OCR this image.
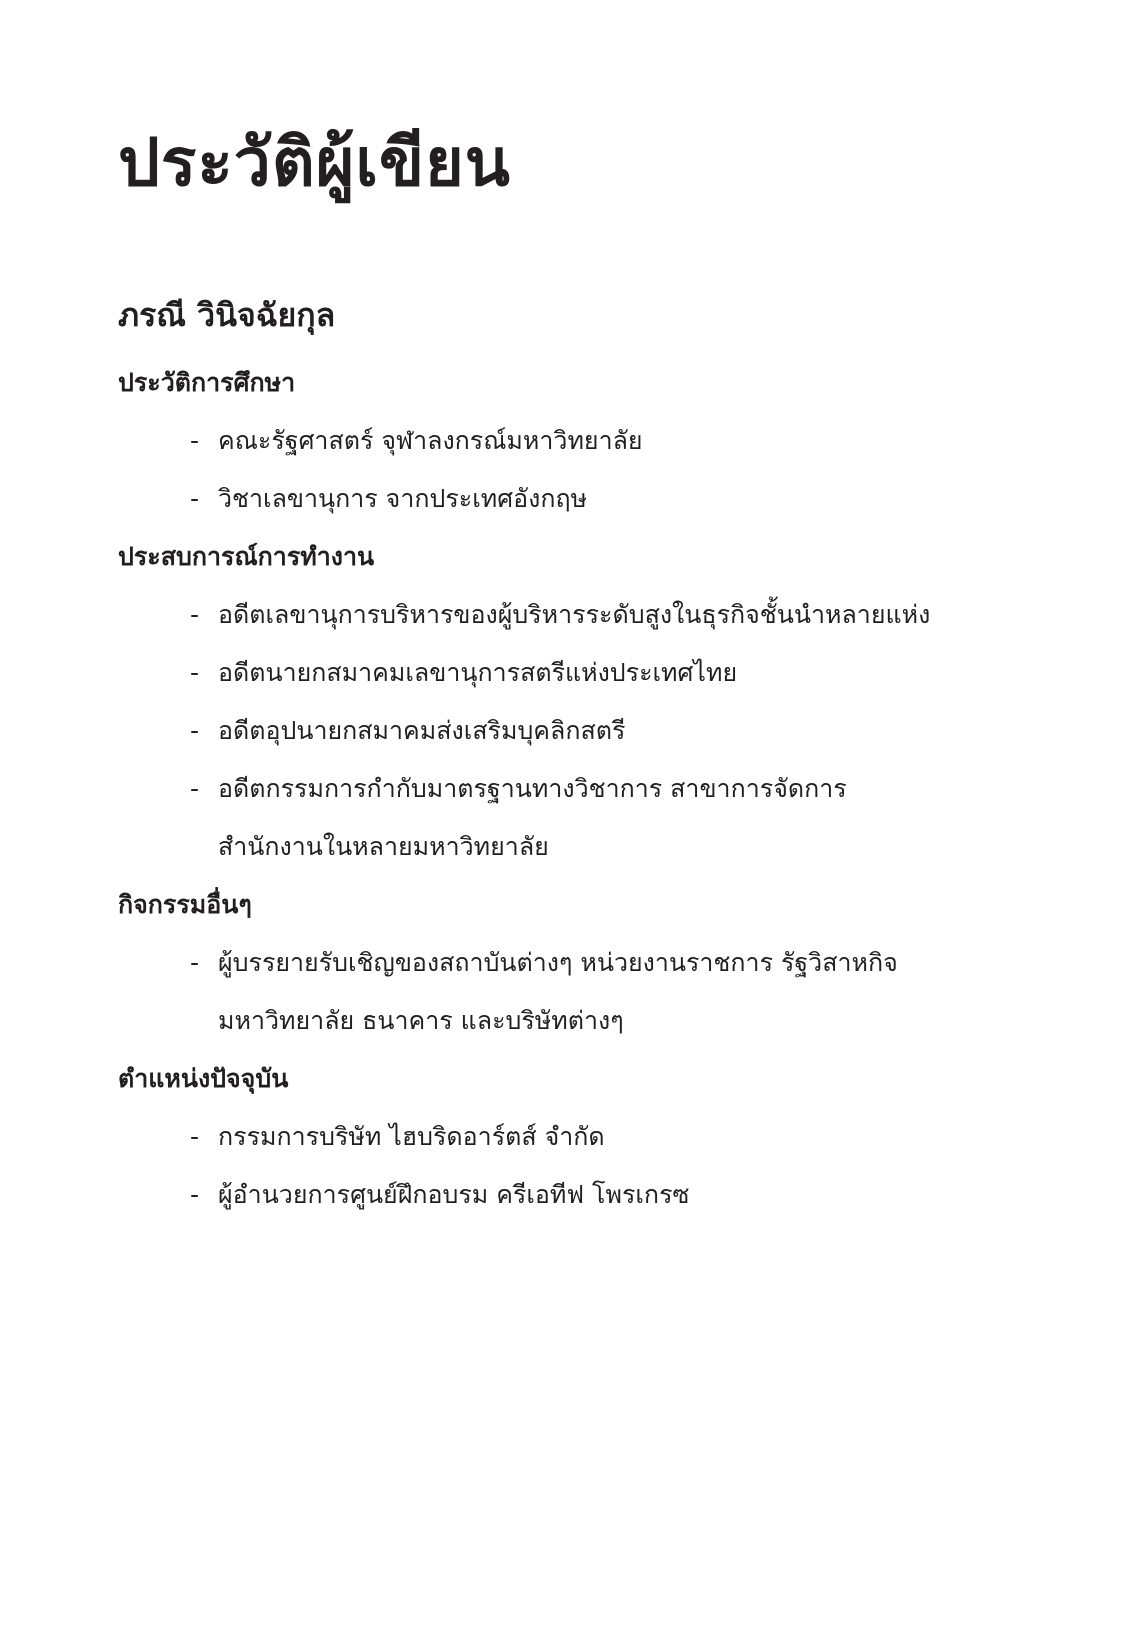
ประวัติผู้เขียน
ภรณี วินิจฉัยกุล
ประวัติการศึกษา
- คณะรัฐศาสตร์ จุฬาลงกรณ์มหาวิทยาลัย
- วิชาเลขานุการ จากประเทศอังกฤษ
ประสบการณ์การทำงาน
- อดีตเลขานุการบริหารของผู้บริหารระดับสูงในธุรกิจชั้นนำหลายแห่ง
- อดีตนายกสมาคมเลขานุการสตรีแห่งประเทศไทย
- อดีตอุปนายกสมาคมส่งเสริมบุคลิกสตรี
- อดีตกรรมการกำกับมาตรฐานทางวิชาการ สาขาการจัดการ
สำนักงานในหลายมหาวิทยาลัย
กิจกรรมอื่นๆ
- ผู้บรรยายรับเชิญของสถาบันต่างๆ หน่วยงานราชการ รัฐวิสาหกิจ
มหาวิทยาลัย ธนาคาร และบริษัทต่างๆ
ตำแหน่งปัจจุบัน
- กรรมการบริษัท ไฮบริดอาร์ตส์ จำกัด
- ผู้อำนวยการศูนย์ฝึกอบรม ครีเอทีฟ โพรเกรซ
